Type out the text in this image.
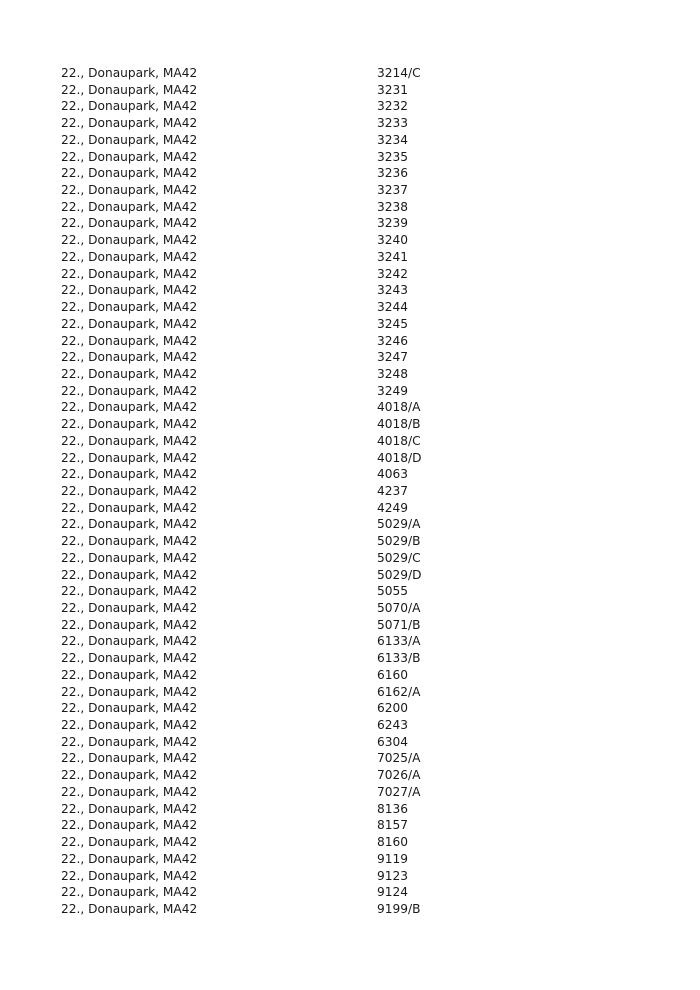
22., Donaupark, MA42	3214/C
22., Donaupark, MA42	3231
22., Donaupark, MA42	3232
22., Donaupark, MA42	3233
22., Donaupark, MA42	3234
22., Donaupark, MA42	3235
22., Donaupark, MA42	3236
22., Donaupark, MA42	3237
22., Donaupark, MA42	3238
22., Donaupark, MA42	3239
22., Donaupark, MA42	3240
22., Donaupark, MA42	3241
22., Donaupark, MA42	3242
22., Donaupark, MA42	3243
22., Donaupark, MA42	3244
22., Donaupark, MA42	3245
22., Donaupark, MA42	3246
22., Donaupark, MA42	3247
22., Donaupark, MA42	3248
22., Donaupark, MA42	3249
22., Donaupark, MA42	4018/A
22., Donaupark, MA42	4018/B
22., Donaupark, MA42	4018/C
22., Donaupark, MA42	4018/D
22., Donaupark, MA42	4063
22., Donaupark, MA42	4237
22., Donaupark, MA42	4249
22., Donaupark, MA42	5029/A
22., Donaupark, MA42	5029/B
22., Donaupark, MA42	5029/C
22., Donaupark, MA42	5029/D
22., Donaupark, MA42	5055
22., Donaupark, MA42	5070/A
22., Donaupark, MA42	5071/B
22., Donaupark, MA42	6133/A
22., Donaupark, MA42	6133/B
22., Donaupark, MA42	6160
22., Donaupark, MA42	6162/A
22., Donaupark, MA42	6200
22., Donaupark, MA42	6243
22., Donaupark, MA42	6304
22., Donaupark, MA42	7025/A
22., Donaupark, MA42	7026/A
22., Donaupark, MA42	7027/A
22., Donaupark, MA42	8136
22., Donaupark, MA42	8157
22., Donaupark, MA42	8160
22., Donaupark, MA42	9119
22., Donaupark, MA42	9123
22., Donaupark, MA42	9124
22., Donaupark, MA42	9199/B
